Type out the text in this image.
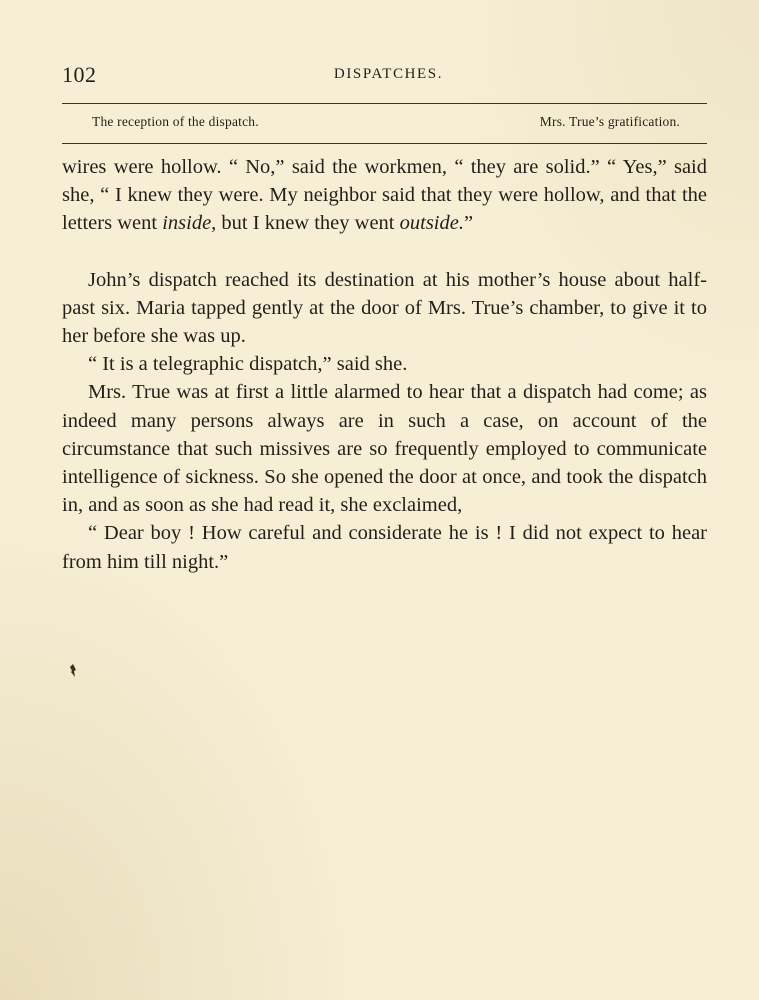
102	DISPATCHES.
The reception of the dispatch.	Mrs. True’s gratification.

wires were hollow. “ No,” said the workmen, “ they are solid.” “ Yes,” said she, “ I knew they were. My neighbor said that they were hollow, and that the letters went inside, but I knew they went outside.”

John’s dispatch reached its destination at his mother’s house about half-past six. Maria tapped gently at the door of Mrs. True’s chamber, to give it to her before she was up.

“ It is a telegraphic dispatch,” said she.

Mrs. True was at first a little alarmed to hear that a dispatch had come; as indeed many persons always are in such a case, on account of the circumstance that such missives are so frequently employed to communicate intelligence of sickness. So she opened the door at once, and took the dispatch in, and as soon as she had read it, she exclaimed,

“ Dear boy ! How careful and considerate he is ! I did not expect to hear from him till night.”
